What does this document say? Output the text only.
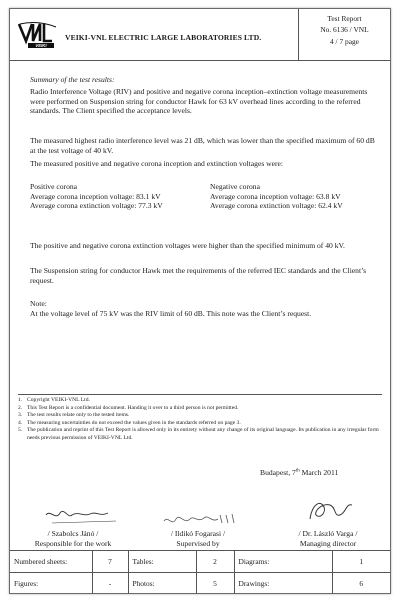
VEIKI
VEIKI-VNL ELECTRIC LARGE LABORATORIES LTD.
Test Report
No. 6136 / VNL
4 / 7 page
Summary of the test results:
Radio Interference Voltage (RIV) and positive and negative corona inception–extinction voltage measurements were performed on Suspension string for conductor Hawk for 63 kV overhead lines according to the referred standards. The Client specified the acceptance levels.
The measured highest radio interference level was 21 dB, which was lower than the specified maximum of 60 dB at the test voltage of 40 kV.
The measured positive and negative corona inception and extinction voltages were:
Positive corona
Average corona inception voltage: 83.1 kV
Average corona extinction voltage: 77.3 kV
Negative corona
Average corona inception voltage: 63.8 kV
Average corona extinction voltage: 62.4 kV
The positive and negative corona extinction voltages were higher than the specified minimum of 40 kV.
The Suspension string for conductor Hawk met the requirements of the referred IEC standards and the Client’s request.
Note:
At the voltage level of 75 kV was the RIV limit of 60 dB. This note was the Client’s request.
1. Copyright VEIKI-VNL Ltd.
2. This Test Report is a confidential document. Handing it over to a third person is not permitted.
3. The test results relate only to the tested items.
4. The measuring uncertainties do not exceed the values given in the standards referred on page 3.
5. The publication and reprint of this Test Report is allowed only in its entirety without any change of its original language. Its publication in any irregular form needs previous permission of VEIKI-VNL Ltd.
Budapest, 7th March 2011
/ Szabolcs Jánó /
Responsible for the work
/ Ildikó Fogarasi /
Supervised by
/ Dr. László Varga /
Managing director
Numbered sheets:	7	Tables:	2	Diagrams:	1
Figures:	-	Photos:	5	Drawings:	6
